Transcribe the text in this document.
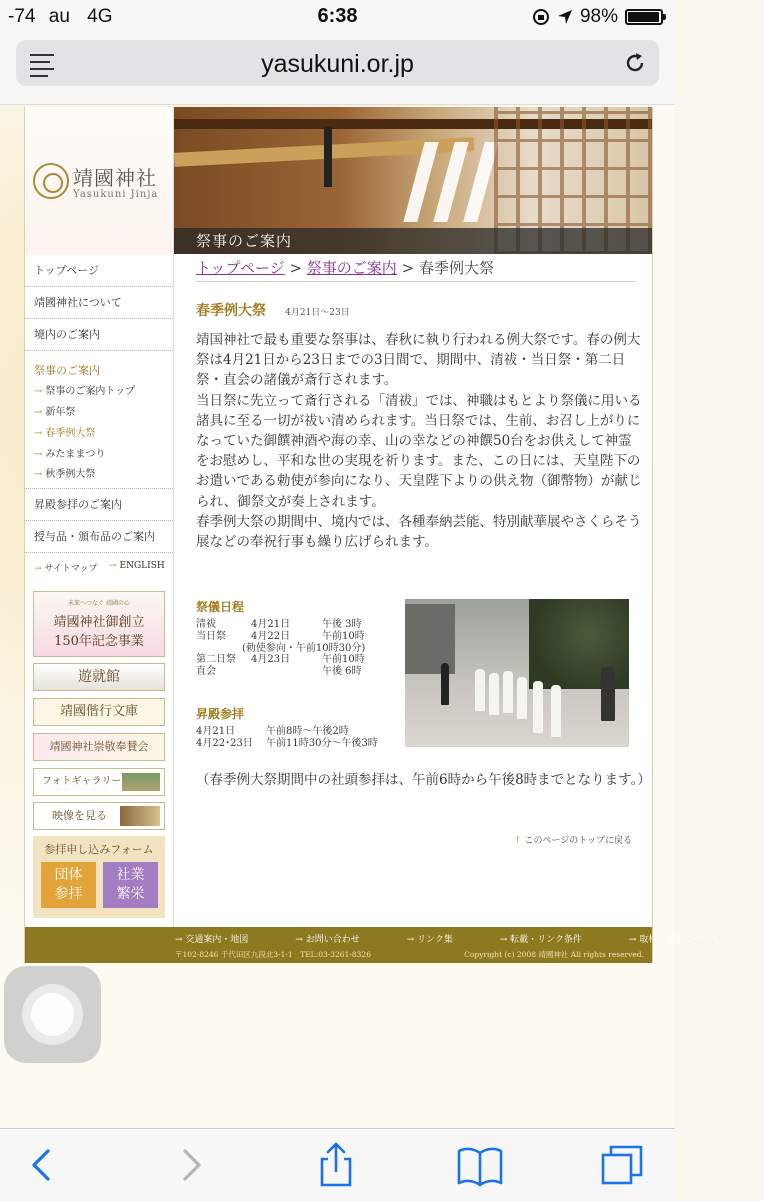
-74 au 4G	6:38	98%
yasukuni.or.jp
靖國神社
Yasukuni Jinja
トップページ
靖國神社について
境内のご案内
祭事のご案内
→ 祭事のご案内トップ
→ 新年祭
→ 春季例大祭
→ みたままつり
→ 秋季例大祭
昇殿参拝のご案内
授与品・頒布品のご案内
→ サイトマップ → ENGLISH
未来へつなぐ 靖國の心
靖國神社御創立
150年記念事業
遊就館
靖國偕行文庫
靖國神社崇敬奉賛会
フォトギャラリー
映像を見る
参拝申し込みフォーム
団体参拝
社業繁栄
祭事のご案内
トップページ > 祭事のご案内 > 春季例大祭
春季例大祭 4月21日～23日

靖国神社で最も重要な祭事は、春秋に執り行われる例大祭です。春の例大祭は4月21日から23日までの3日間で、期間中、清祓・当日祭・第二日祭・直会の諸儀が斎行されます。

当日祭に先立って斎行される「清祓」では、神職はもとより祭儀に用いる諸具に至る一切が祓い清められます。当日祭では、生前、お召し上がりになっていた御饌神酒や海の幸、山の幸などの神饌50台をお供えして神霊をお慰めし、平和な世の実現を祈ります。また、この日には、天皇陛下のお遣いである勅使が参向になり、天皇陛下よりの供え物（御幣物）が献じられ、御祭文が奏上されます。

春季例大祭の期間中、境内では、各種奉納芸能、特別献華展やさくらそう展などの奉祝行事も繰り広げられます。

祭儀日程
清祓	4月21日	午後 3時
当日祭	4月22日	午前10時
(勅使参向・午前10時30分)
第二日祭 4月23日	午前10時
直会	午後 6時
昇殿参拝
4月21日	午前8時～午後2時
4月22･23日 午前11時30分～午後3時
（春季例大祭期間中の社頭参拝は、午前6時から午後8時までとなります。）
↑ このページのトップに戻る
→ 交通案内・地図	→ お問い合わせ	→ リンク集	→ 転載・リンク条件	→ 取材・撮影について
〒102-8246 千代田区九段北3-1-1　TEL:03-3261-8326	Copyright (c) 2008 靖國神社 All rights reserved.
